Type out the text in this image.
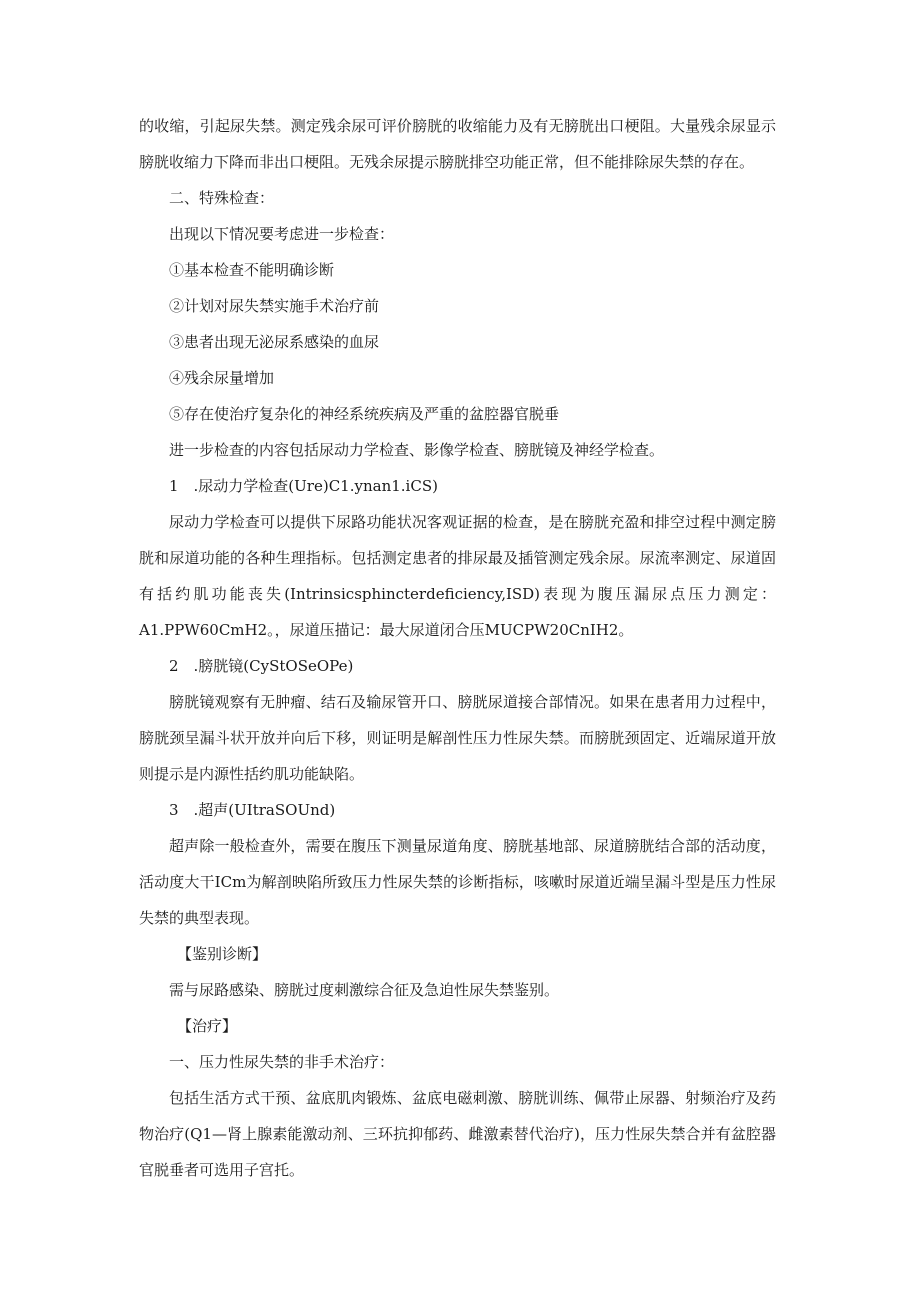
的收缩，引起尿失禁。测定残余尿可评价膀胱的收缩能力及有无膀胱出口梗阻。大量残余尿显示
膀胱收缩力下降而非出口梗阻。无残余尿提示膀胱排空功能正常，但不能排除尿失禁的存在。
二、特殊检查：
出现以下情况要考虑进一步检查：
①基本检查不能明确诊断
②计划对尿失禁实施手术治疗前
③患者出现无泌尿系感染的血尿
④残余尿量增加
⑤存在使治疗复杂化的神经系统疾病及严重的盆腔器官脱垂
进一步检查的内容包括尿动力学检查、影像学检查、膀胱镜及神经学检查。
1　.尿动力学检查(Ure)C1.ynan1.iCS)
尿动力学检查可以提供下尿路功能状况客观证据的检查，是在膀胱充盈和排空过程中测定膀
胱和尿道功能的各种生理指标。包括测定患者的排尿最及插管测定残余尿。尿流率测定、尿道固
有括约肌功能丧失(Intrinsicsphincterdeficiency,ISD)表现为腹压漏尿点压力测定：
A1.PPW60CmH2。，尿道压描记：最大尿道闭合压MUCPW20CnIH2。
2　.膀胱镜(CyStOSeOPe)
膀胱镜观察有无肿瘤、结石及输尿管开口、膀胱尿道接合部情况。如果在患者用力过程中，
膀胱颈呈漏斗状开放并向后下移，则证明是解剖性压力性尿失禁。而膀胱颈固定、近端尿道开放
则提示是内源性括约肌功能缺陷。
3　.超声(UItraSOUnd)
超声除一般检查外，需要在腹压下测量尿道角度、膀胱基地部、尿道膀胱结合部的活动度，
活动度大干ICm为解剖映陷所致压力性尿失禁的诊断指标，咳嗽时尿道近端呈漏斗型是压力性尿
失禁的典型表现。
【鉴别诊断】
需与尿路感染、膀胱过度刺激综合征及急迫性尿失禁鉴别。
【治疗】
一、压力性尿失禁的非手术治疗：
包括生活方式干预、盆底肌肉锻炼、盆底电磁刺激、膀胱训练、佩带止尿器、射频治疗及药
物治疗(Q1—肾上腺素能激动剂、三环抗抑郁药、雌激素替代治疗)，压力性尿失禁合并有盆腔器
官脱垂者可选用子宫托。
